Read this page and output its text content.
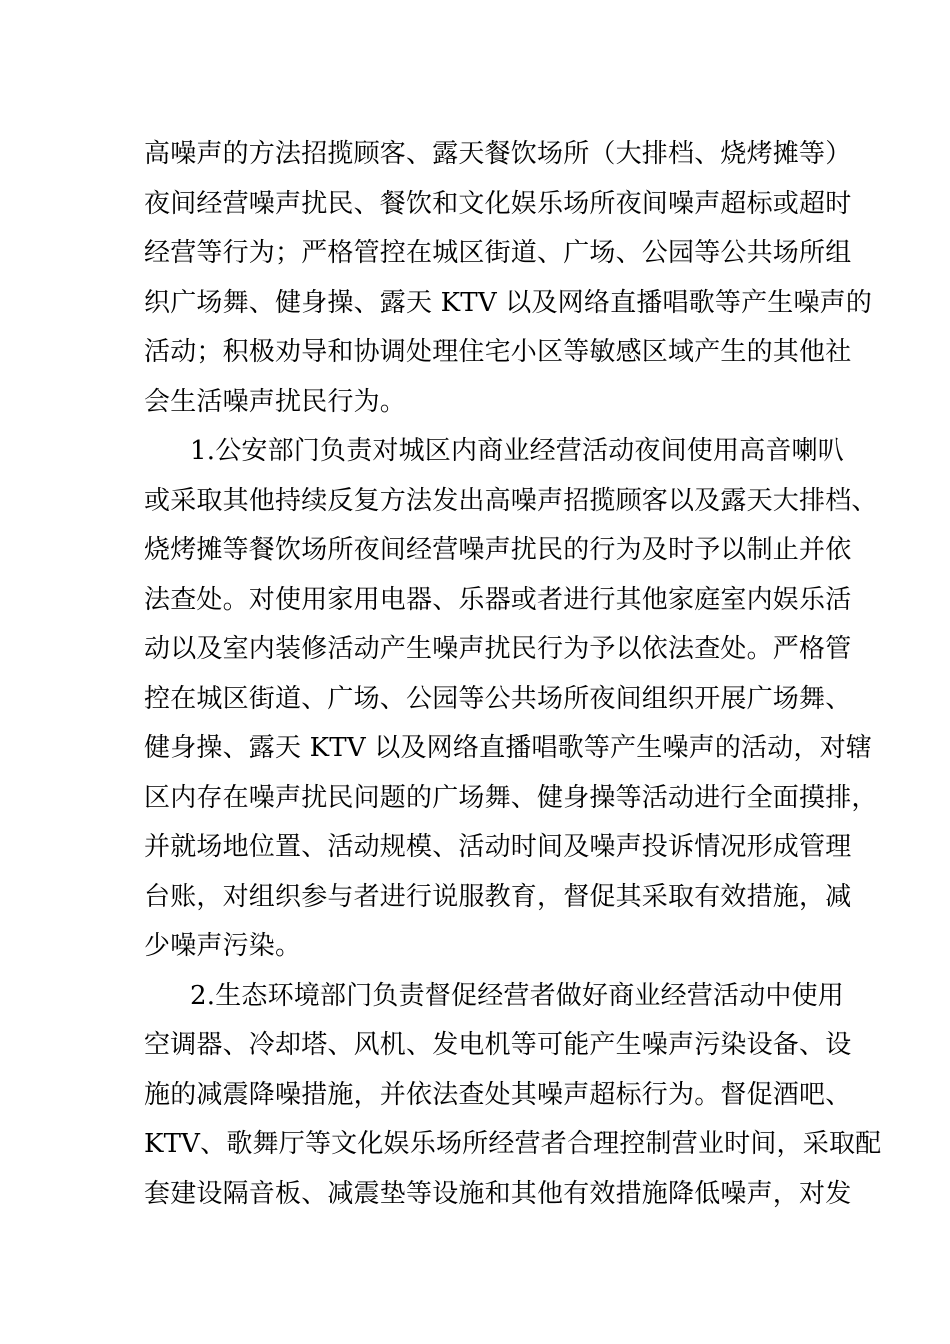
高噪声的方法招揽顾客、露天餐饮场所（大排档、烧烤摊等）
夜间经营噪声扰民、餐饮和文化娱乐场所夜间噪声超标或超时
经营等行为；严格管控在城区街道、广场、公园等公共场所组
织广场舞、健身操、露天 KTV 以及网络直播唱歌等产生噪声的
活动；积极劝导和协调处理住宅小区等敏感区域产生的其他社
会生活噪声扰民行为。
1.公安部门负责对城区内商业经营活动夜间使用高音喇叭
或采取其他持续反复方法发出高噪声招揽顾客以及露天大排档、
烧烤摊等餐饮场所夜间经营噪声扰民的行为及时予以制止并依
法查处。对使用家用电器、乐器或者进行其他家庭室内娱乐活
动以及室内装修活动产生噪声扰民行为予以依法查处。严格管
控在城区街道、广场、公园等公共场所夜间组织开展广场舞、
健身操、露天 KTV 以及网络直播唱歌等产生噪声的活动，对辖
区内存在噪声扰民问题的广场舞、健身操等活动进行全面摸排，
并就场地位置、活动规模、活动时间及噪声投诉情况形成管理
台账，对组织参与者进行说服教育，督促其采取有效措施，减
少噪声污染。
2.生态环境部门负责督促经营者做好商业经营活动中使用
空调器、冷却塔、风机、发电机等可能产生噪声污染设备、设
施的减震降噪措施，并依法查处其噪声超标行为。督促酒吧、
KTV、歌舞厅等文化娱乐场所经营者合理控制营业时间，采取配
套建设隔音板、减震垫等设施和其他有效措施降低噪声，对发
